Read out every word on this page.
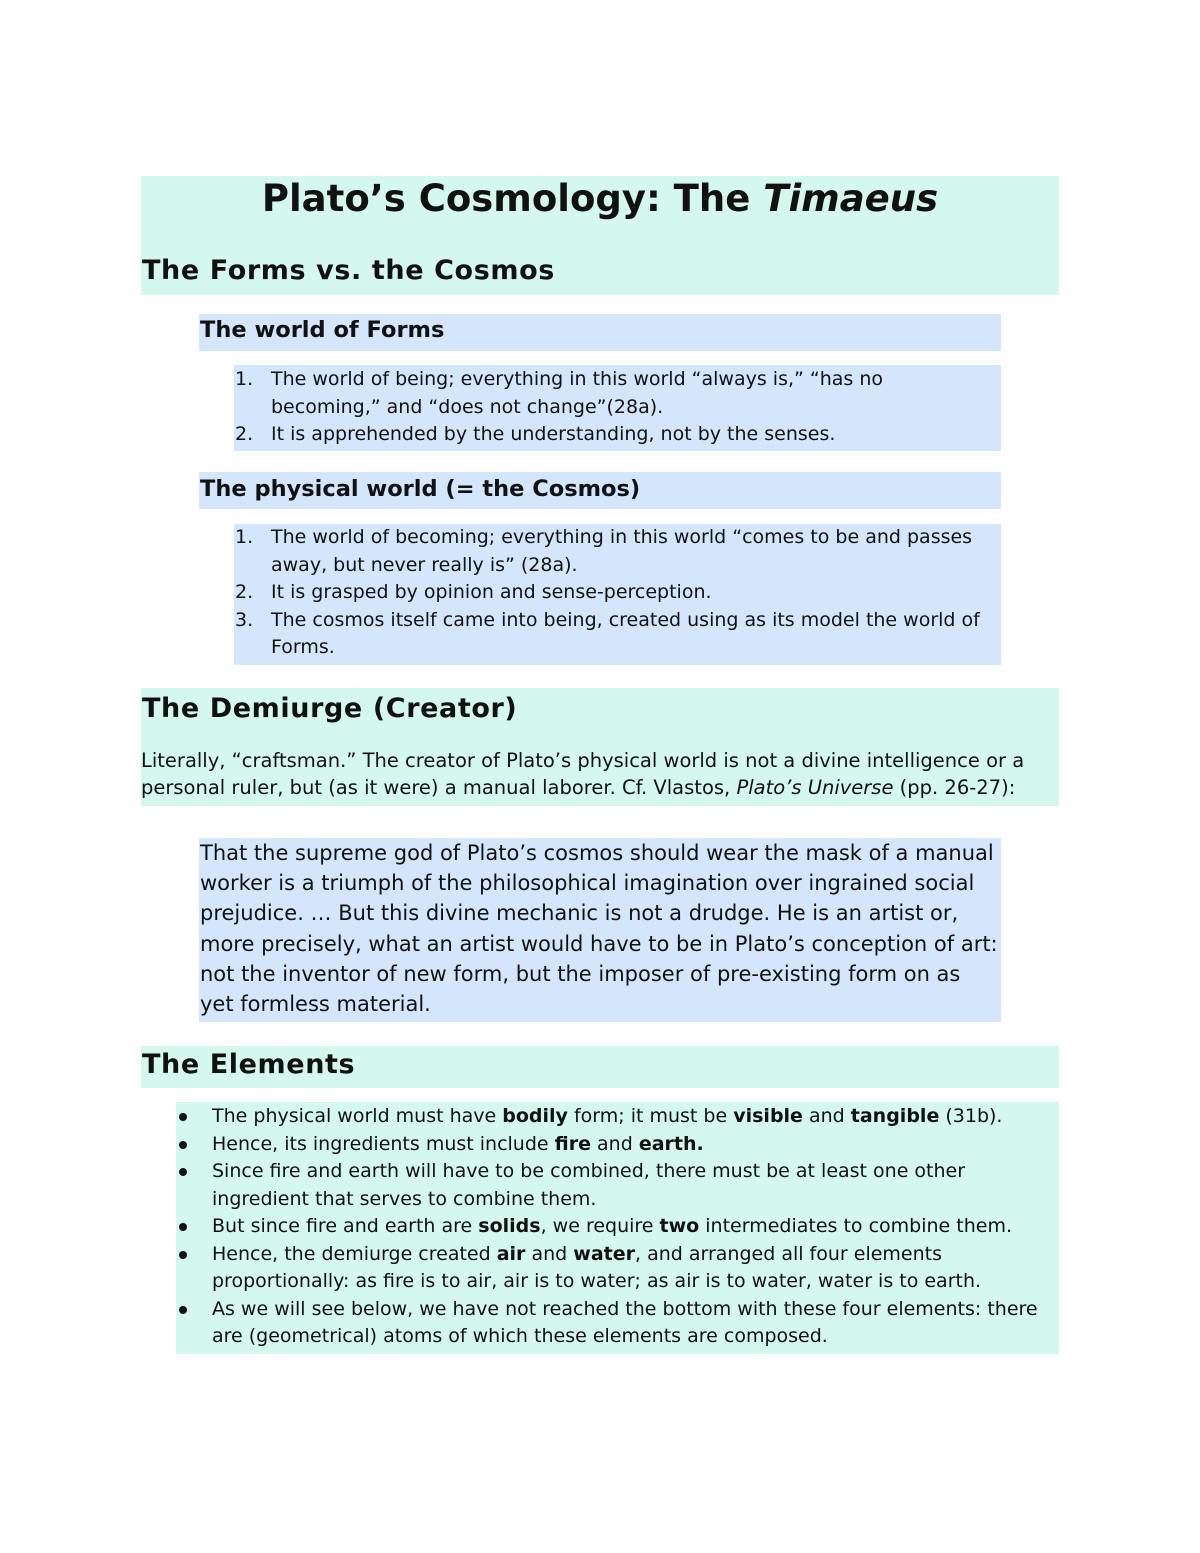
Plato’s Cosmology: The Timaeus
The Forms vs. the Cosmos
The world of Forms
1. The world of being; everything in this world “always is,” “has no becoming,” and “does not change”(28a).
2. It is apprehended by the understanding, not by the senses.
The physical world (= the Cosmos)
1. The world of becoming; everything in this world “comes to be and passes away, but never really is” (28a).
2. It is grasped by opinion and sense-perception.
3. The cosmos itself came into being, created using as its model the world of Forms.
The Demiurge (Creator)

Literally, “craftsman.” The creator of Plato’s physical world is not a divine intelligence or a personal ruler, but (as it were) a manual laborer. Cf. Vlastos, Plato’s Universe (pp. 26-27):

That the supreme god of Plato’s cosmos should wear the mask of a manual worker is a triumph of the philosophical imagination over ingrained social prejudice. … But this divine mechanic is not a drudge. He is an artist or, more precisely, what an artist would have to be in Plato’s conception of art: not the inventor of new form, but the imposer of pre-existing form on as yet formless material.

The Elements
The physical world must have bodily form; it must be visible and tangible (31b).
Hence, its ingredients must include fire and earth.
Since fire and earth will have to be combined, there must be at least one other ingredient that serves to combine them.
But since fire and earth are solids, we require two intermediates to combine them.
Hence, the demiurge created air and water, and arranged all four elements proportionally: as fire is to air, air is to water; as air is to water, water is to earth.
As we will see below, we have not reached the bottom with these four elements: there are (geometrical) atoms of which these elements are composed.
